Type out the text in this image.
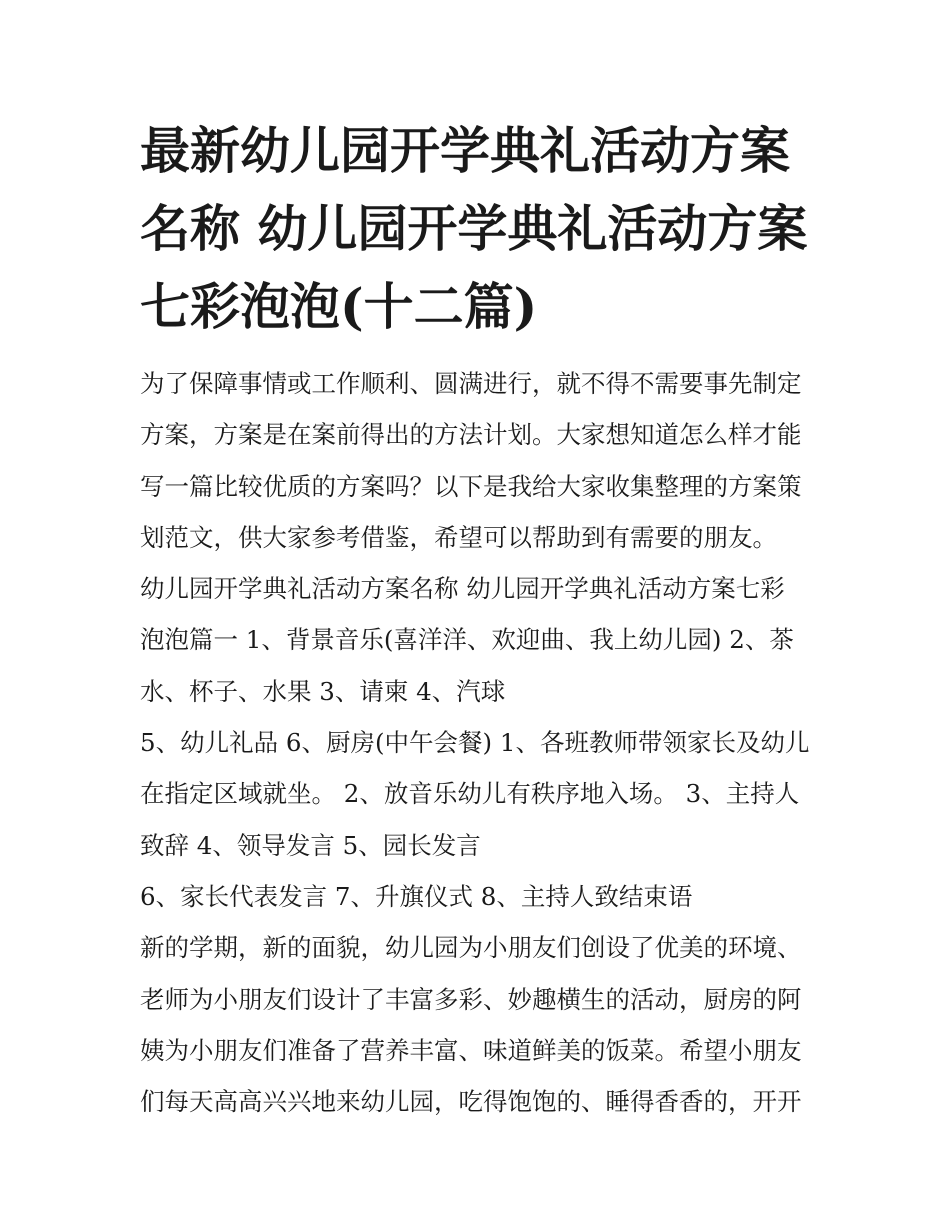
最新幼儿园开学典礼活动方案
名称 幼儿园开学典礼活动方案
七彩泡泡(十二篇)

为了保障事情或工作顺利、圆满进行，就不得不需要事先制定
方案，方案是在案前得出的方法计划。大家想知道怎么样才能
写一篇比较优质的方案吗？以下是我给大家收集整理的方案策
划范文，供大家参考借鉴，希望可以帮助到有需要的朋友。

幼儿园开学典礼活动方案名称 幼儿园开学典礼活动方案七彩
泡泡篇一 1、背景音乐(喜洋洋、欢迎曲、我上幼儿园) 2、茶
水、杯子、水果 3、请柬 4、汽球

5、幼儿礼品 6、厨房(中午会餐) 1、各班教师带领家长及幼儿
在指定区域就坐。 2、放音乐幼儿有秩序地入场。 3、主持人
致辞 4、领导发言 5、园长发言

6、家长代表发言 7、升旗仪式 8、主持人致结束语

新的学期，新的面貌，幼儿园为小朋友们创设了优美的环境、
老师为小朋友们设计了丰富多彩、妙趣横生的活动，厨房的阿
姨为小朋友们准备了营养丰富、味道鲜美的饭菜。希望小朋友
们每天高高兴兴地来幼儿园，吃得饱饱的、睡得香香的，开开
